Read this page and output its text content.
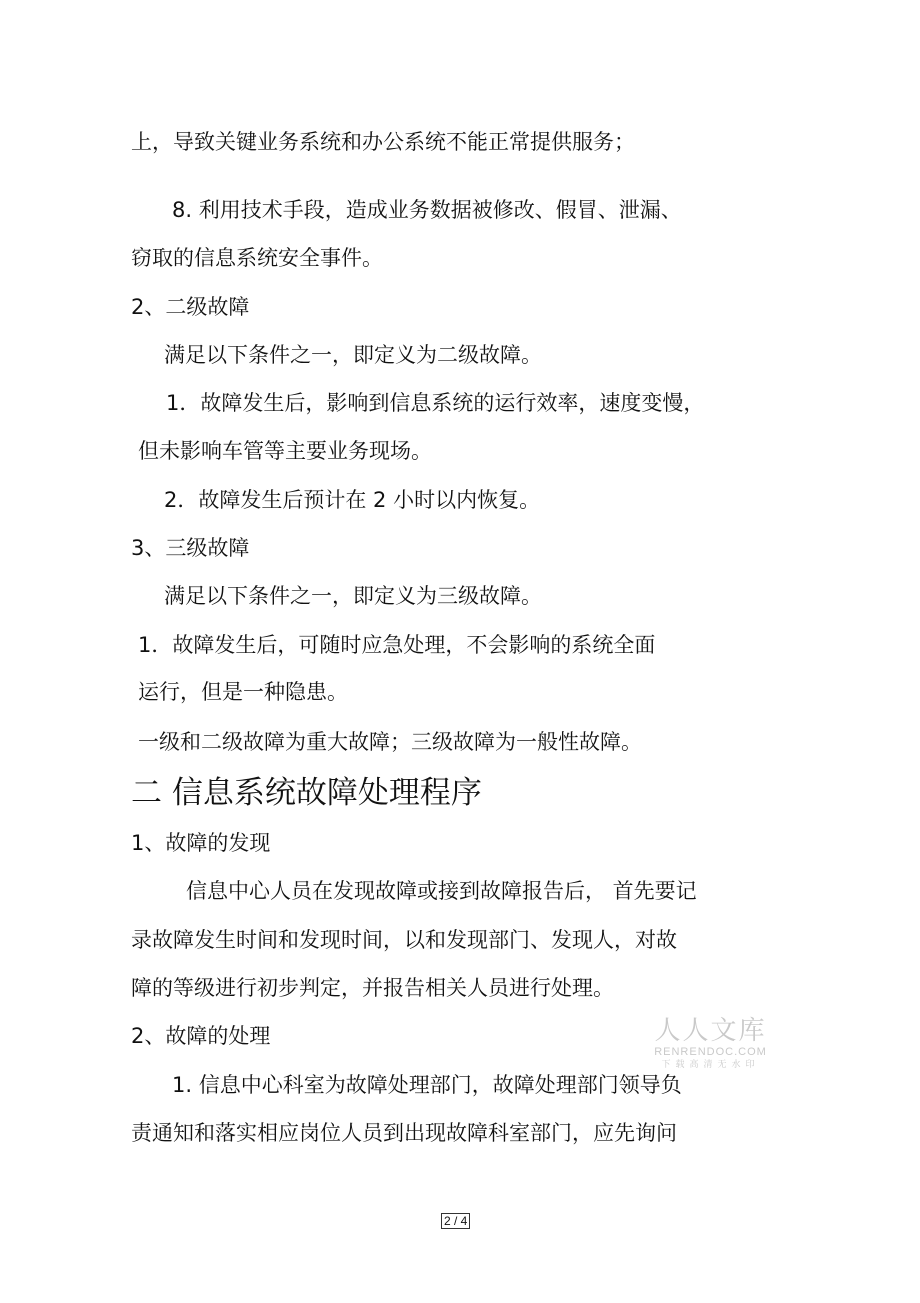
上，导致关键业务系统和办公系统不能正常提供服务；
8. 利用技术手段，造成业务数据被修改、假冒、泄漏、
窃取的信息系统安全事件。
2、二级故障
满足以下条件之一，即定义为二级故障。
1．故障发生后，影响到信息系统的运行效率，速度变慢，
但未影响车管等主要业务现场。
2．故障发生后预计在 2 小时以内恢复。
3、三级故障
满足以下条件之一，即定义为三级故障。
1．故障发生后，可随时应急处理，不会影响的系统全面
运行，但是一种隐患。
一级和二级故障为重大故障；三级故障为一般性故障。
二 信息系统故障处理程序
1、故障的发现
信息中心人员在发现故障或接到故障报告后， 首先要记
录故障发生时间和发现时间，以和发现部门、发现人，对故
障的等级进行初步判定，并报告相关人员进行处理。
2、故障的处理
1. 信息中心科室为故障处理部门，故障处理部门领导负
责通知和落实相应岗位人员到出现故障科室部门，应先询问
人人文库
RENRENDOC.COM
下载高清无水印
2 / 4
